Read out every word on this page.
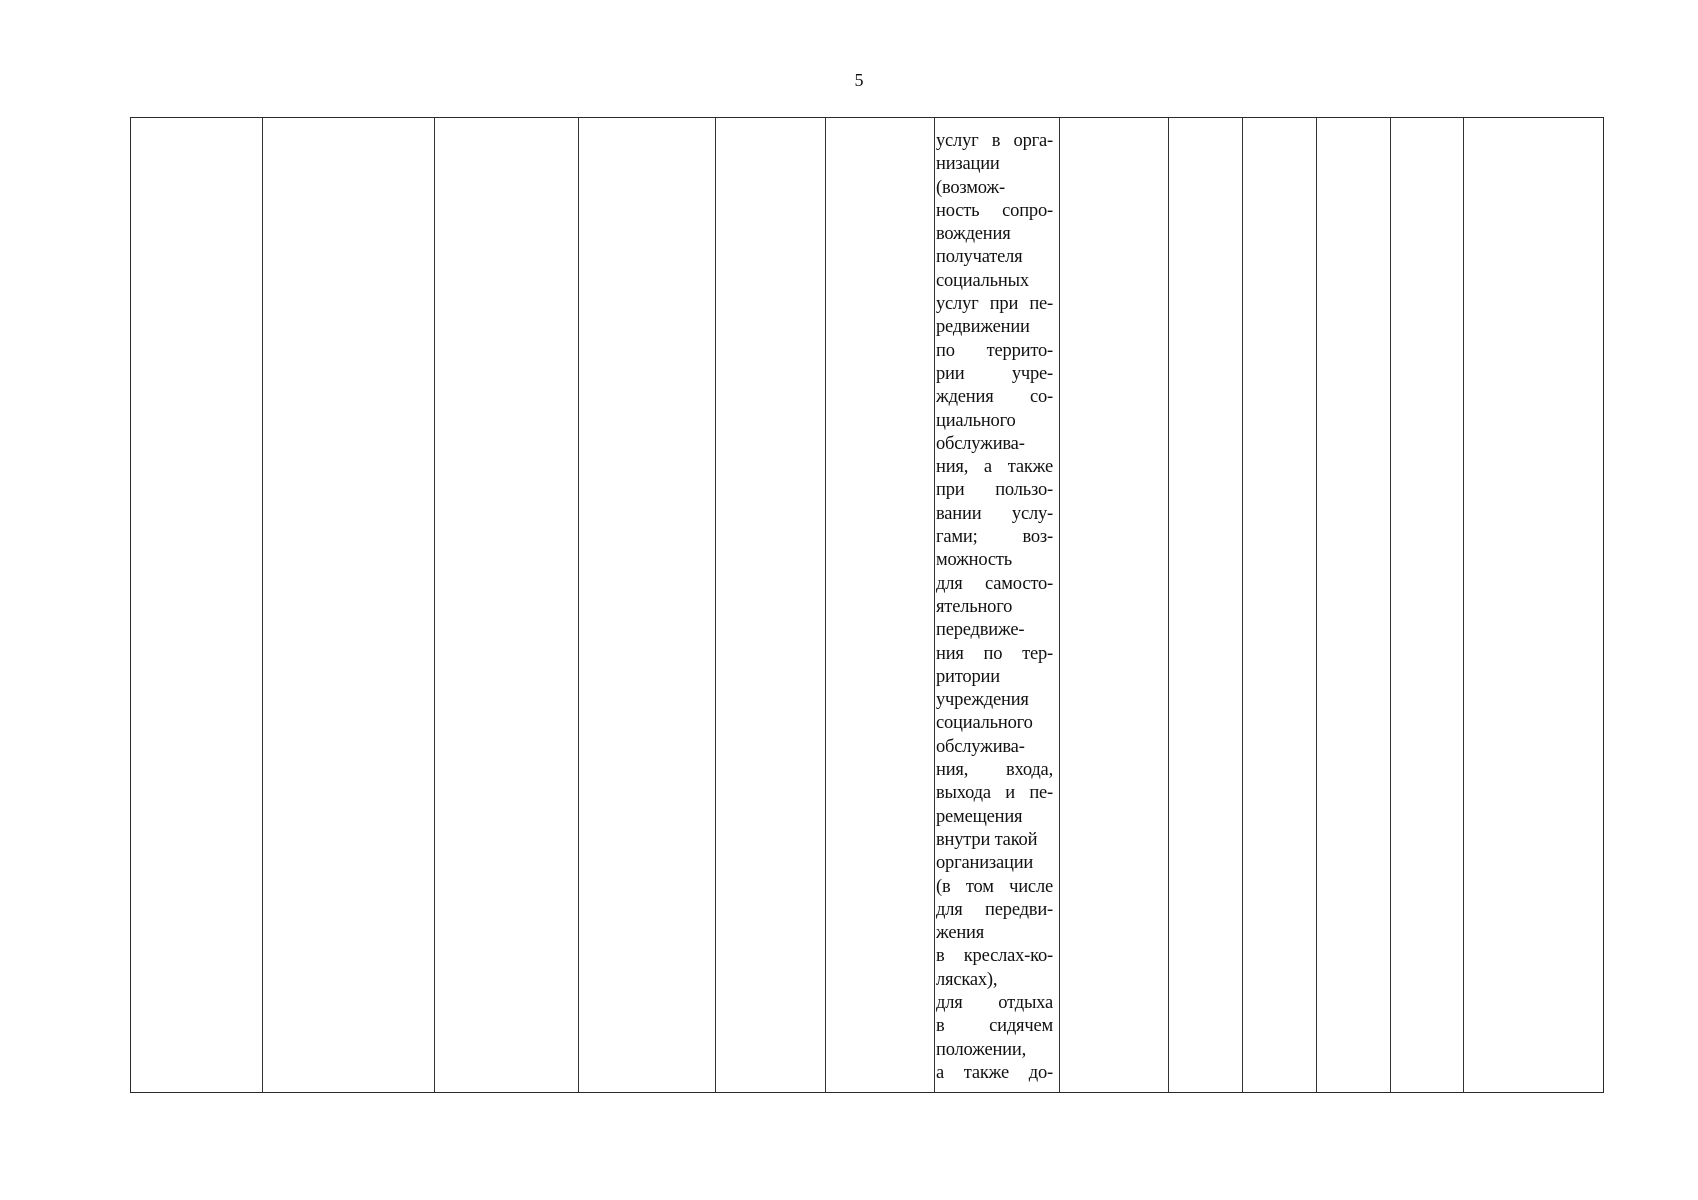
5
услуг в орга-
низации
(возмож-
ность сопро-
вождения
получателя
социальных
услуг при пе-
редвижении
по террито-
рии учре-
ждения со-
циального
обслужива-
ния, а также
при пользо-
вании услу-
гами; воз-
можность
для самосто-
ятельного
передвиже-
ния по тер-
ритории
учреждения
социального
обслужива-
ния, входа,
выхода и пе-
ремещения
внутри такой
организации
(в том числе
для передви-
жения
в креслах-ко-
лясках),
для отдыха
в сидячем
положении,
а также до-
